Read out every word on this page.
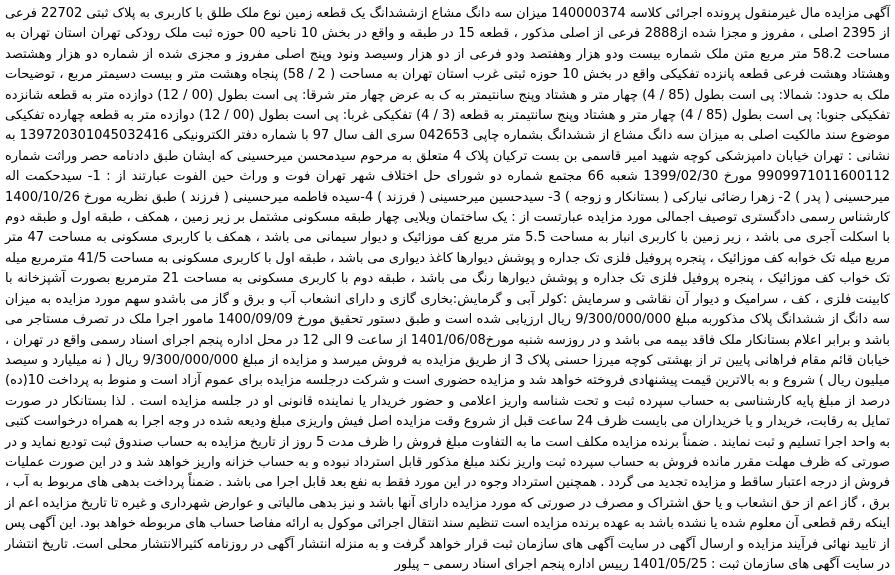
آگهی مزایده مال غیرمنقول پرونده اجرائی کلاسه 140000374 میزان سه دانگ مشاع ازششدانگ یک قطعه زمین نوع ملک طلق با کاربری به پلاک ثبتی 22702 فرعی از 2395 اصلی ، مفروز و مجزا شده از2888 فرعی از اصلی مذکور ، قطعه 15 در طبقه و واقع در بخش 10 ناحیه 00 حوزه ثبت ملک رودکی تهران استان تهران به مساحت 58.2 متر مربع متن ملک شماره بیست ودو هزار وهفتصد ودو فرعی از دو هزار وسیصد ونود وپنج اصلی مفروز و مجزی شده از شماره دو هزار وهشتصد وهشتاد وهشت فرعی قطعه پانزده تفکیکی واقع در بخش 10 حوزه ثبتی غرب استان تهران به مساحت ( 2 / 58) پنجاه وهشت متر و بیست دسیمتر مربع ، توضیحات ملک به حدود: شمالا: پی است بطول (85 / 4) چهار متر و هشتاد وپنج سانتیمتر به ک به عرض چهار متر شرقا: پی است بطول (00 / 12) دوازده متر به قطعه شانزده تفکیکی جنوبا: پی است بطول (85 / 4) چهار متر و هشتاد وپنج سانتیمتر به قطعه (3 / 4) تفکیکی غربا: پی است بطول (00 / 12) دوازده متر به قطعه چهارده تفکیکی موضوع سند مالکیت اصلی به میزان سه دانگ مشاع از ششدانگ بشماره چاپی 042653 سری الف سال 97 با شماره دفتر الکترونیکی 139720301045032416 به نشانی : تهران خیابان دامپزشکی کوچه شهید امیر قاسمی بن بست ترکیان پلاک 4 متعلق به مرحوم سیدمحسن میرحسینی که ایشان طبق دادنامه حصر وراثت شماره 9909971011600112 مورخ 1399/02/30 شعبه 66 مجتمع شماره دو شورای حل اختلاف شهر تهران فوت و وراث حین الفوت عبارتند از : 1- سیدحکمت اله میرحسینی ( پدر ) 2- زهرا رضائی نیارکی ( بستانکار و زوجه ) 3- سیدحسین میرحسینی ( فرزند ) 4-سیده فاطمه میرحسینی ( فرزند ) طبق نظریه مورخ 1400/10/26 کارشناس رسمی دادگستری توصیف اجمالی مورد مزایده عبارتست از : یک ساختمان ویلایی چهار طبقه مسکونی مشتمل بر زیر زمین ، همکف ، طبقه اول و طبقه دوم با اسکلت آجری می باشد ، زیر زمین با کاربری انبار به مساحت 5.5 متر مربع کف موزائیک و دیوار سیمانی می باشد ، همکف با کاربری مسکونی به مساحت 47 متر مربع میله تک خوابه کف موزائیک ، پنجره پروفیل فلزی تک جداره و پوشش دیوارها کاغذ دیواری می باشد ، طبقه اول با کاربری مسکونی به مساحت 41/5 مترمربع میله تک خواب کف موزائیک ، پنجره پروفیل فلزی تک جداره و پوشش دیوارها رنگ می باشد ، طبقه دوم با کاربری مسکونی به مساحت 21 مترمربع بصورت آشپزخانه با کابینت فلزی ، کف ، سرامیک و دیوار آن نقاشی و سرمایش :کولر آبی و گرمایش:بخاری گازی و دارای انشعاب آب و برق و گاز می باشدو سهم مورد مزایده به میزان سه دانگ از ششدانگ پلاک مذکوربه مبلغ 9/300/000/000 ریال ارزیابی شده است و طبق دستور تحقیق مورخ 1400/09/09 مامور اجرا ملک در تصرف مستاجر می باشد و برابر اعلام بستانکار ملک فاقد بیمه می باشد و در روزسه شنبه مورخ1401/06/08 از ساعت 9 الی 12 در محل اداره پنجم اجرای اسناد رسمی واقع در تهران ، خیابان قائم مقام فراهانی پایین تر از بهشتی کوچه میرزا حسنی پلاک 3 از طریق مزایده به فروش میرسد و مزایده از مبلغ 9/300/000/000 ریال ( نه میلیارد و سیصد میلیون ریال ) شروع و به بالاترین قیمت پیشنهادی فروخته خواهد شد و مزایده حضوری است و شرکت درجلسه مزایده برای عموم آزاد است و منوط به پرداخت 10(ده) درصد از مبلغ پایه کارشناسی به حساب سپرده ثبت و تحت شناسه واریز اعلامی و حضور خریدار یا نماینده قانونی او در جلسه مزایده است . لذا بستانکار در صورت تمایل به رقابت، خریدار و یا خریداران می بایست ظرف 24 ساعت قبل از شروع وقت مزایده اصل فیش واریزی مبلغ ودیعه شده در وجه اجرا به همراه درخواست کتبی به واحد اجرا تسلیم و ثبت نمایند . ضمناً برنده مزایده مکلف است ما به التفاوت مبلغ فروش را ظرف مدت 5 روز از تاریخ مزایده به حساب صندوق ثبت تودیع نماید و در صورتی که ظرف مهلت مقرر مانده فروش به حساب سپرده ثبت واریز نکند مبلغ مذکور قابل استرداد نبوده و به حساب خزانه واریز خواهد شد و در این صورت عملیات فروش از درجه اعتبار ساقط و مزایده تجدید می گردد . همچنین استرداد وجوه در این مورد فقط به نفع بعد قابل اجرا می باشد . ضمناً پرداخت بدهی های مربوط به آب ، برق ، گاز اعم از حق انشعاب و یا حق اشتراک و مصرف در صورتی که مورد مزایده دارای آنها باشد و نیز بدهی مالیاتی و عوارض شهرداری و غیره تا تاریخ مزایده اعم از اینکه رقم قطعی آن معلوم شده یا نشده باشد به عهده برنده مزایده است تنظیم سند انتقال اجرائی موکول به ارائه مفاصا حساب های مربوطه خواهد بود. این آگهی پس از تایید نهائی فرآیند مزایده و ارسال آگهی در سایت آگهی های سازمان ثبت قرار خواهد گرفت و به منزله انتشار آگهی در روزنامه کثیرالانتشار محلی است. تاریخ انتشار در سایت آگهی های سازمان ثبت : 1401/05/25 رییس اداره پنجم اجرای اسناد رسمی – پیلور
